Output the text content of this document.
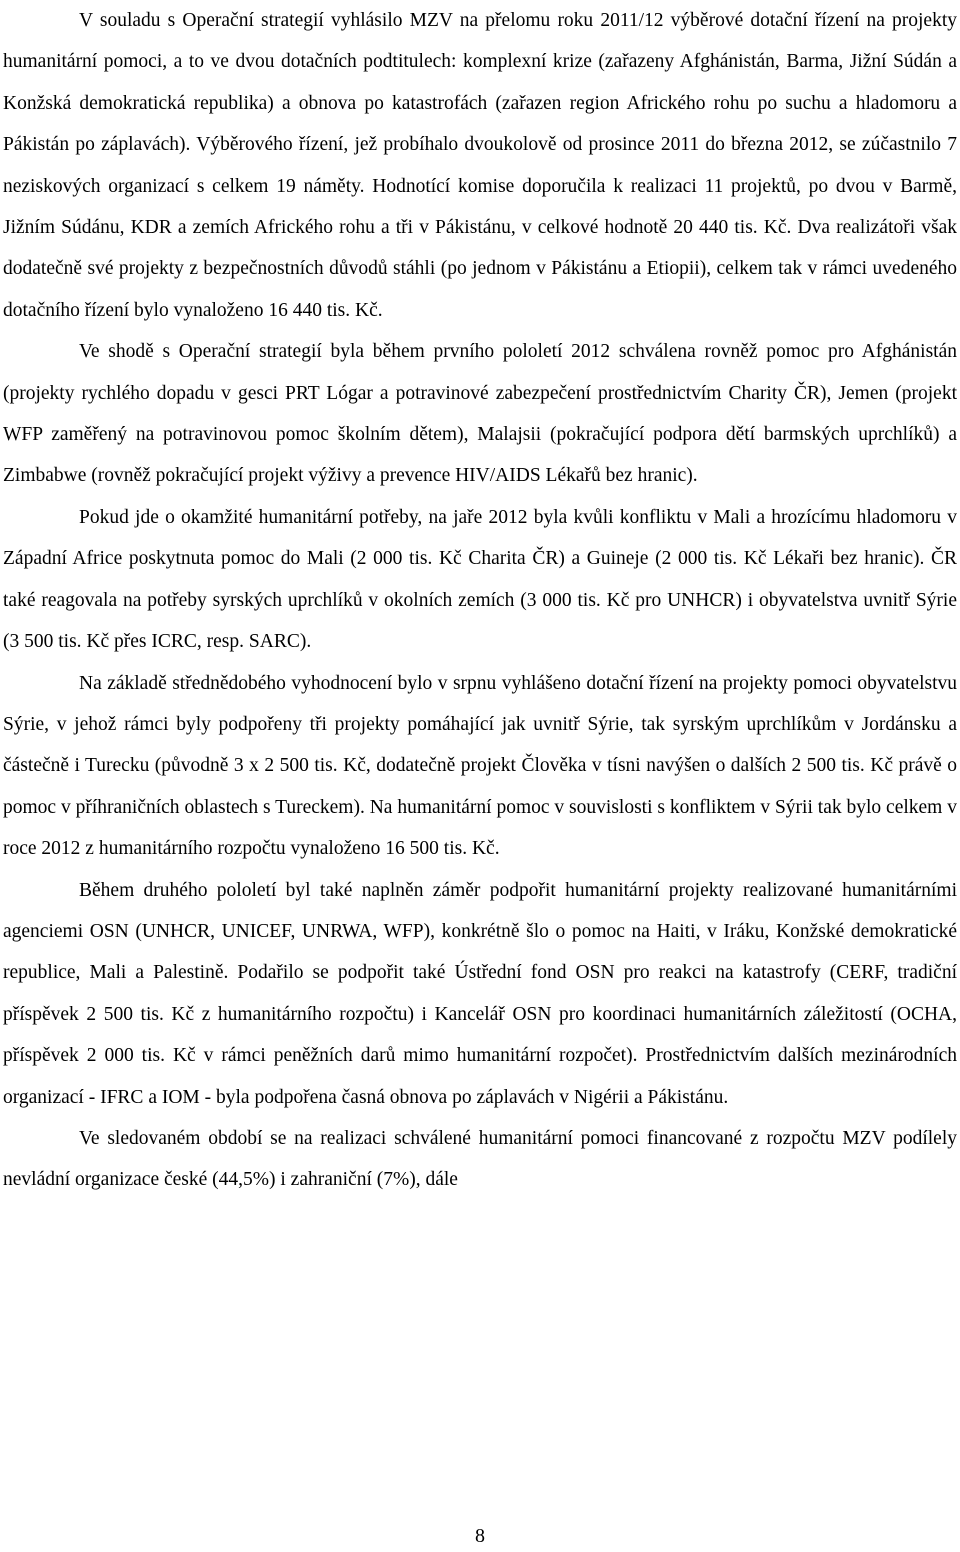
V souladu s Operační strategií vyhlásilo MZV na přelomu roku 2011/12 výběrové dotační řízení na projekty humanitární pomoci, a to ve dvou dotačních podtitulech: komplexní krize (zařazeny Afghánistán, Barma, Jižní Súdán a Konžská demokratická republika) a obnova po katastrofách (zařazen region Afrického rohu po suchu a hladomoru a Pákistán po záplavách). Výběrového řízení, jež probíhalo dvoukolově od prosince 2011 do března 2012, se zúčastnilo 7 neziskových organizací s celkem 19 náměty. Hodnotící komise doporučila k realizaci 11 projektů, po dvou v Barmě, Jižním Súdánu, KDR a zemích Afrického rohu a tři v Pákistánu, v celkové hodnotě 20 440 tis. Kč. Dva realizátoři však dodatečně své projekty z bezpečnostních důvodů stáhli (po jednom v Pákistánu a Etiopii), celkem tak v rámci uvedeného dotačního řízení bylo vynaloženo 16 440 tis. Kč.

Ve shodě s Operační strategií byla během prvního pololetí 2012 schválena rovněž pomoc pro Afghánistán (projekty rychlého dopadu v gesci PRT Lógar a potravinové zabezpečení prostřednictvím Charity ČR), Jemen (projekt WFP zaměřený na potravinovou pomoc školním dětem), Malajsii (pokračující podpora dětí barmských uprchlíků) a Zimbabwe (rovněž pokračující projekt výživy a prevence HIV/AIDS Lékařů bez hranic).

Pokud jde o okamžité humanitární potřeby, na jaře 2012 byla kvůli konfliktu v Mali a hrozícímu hladomoru v Západní Africe poskytnuta pomoc do Mali (2 000 tis. Kč Charita ČR) a Guineje (2 000 tis. Kč Lékaři bez hranic). ČR také reagovala na potřeby syrských uprchlíků v okolních zemích (3 000 tis. Kč pro UNHCR) i obyvatelstva uvnitř Sýrie (3 500 tis. Kč přes ICRC, resp. SARC).

Na základě střednědobého vyhodnocení bylo v srpnu vyhlášeno dotační řízení na projekty pomoci obyvatelstvu Sýrie, v jehož rámci byly podpořeny tři projekty pomáhající jak uvnitř Sýrie, tak syrským uprchlíkům v Jordánsku a částečně i Turecku (původně 3 x 2 500 tis. Kč, dodatečně projekt Člověka v tísni navýšen o dalších 2 500 tis. Kč právě o pomoc v příhraničních oblastech s Tureckem). Na humanitární pomoc v souvislosti s konfliktem v Sýrii tak bylo celkem v roce 2012 z humanitárního rozpočtu vynaloženo 16 500 tis. Kč.

Během druhého pololetí byl také naplněn záměr podpořit humanitární projekty realizované humanitárními agenciemi OSN (UNHCR, UNICEF, UNRWA, WFP), konkrétně šlo o pomoc na Haiti, v Iráku, Konžské demokratické republice, Mali a Palestině. Podařilo se podpořit také Ústřední fond OSN pro reakci na katastrofy (CERF, tradiční příspěvek 2 500 tis. Kč z humanitárního rozpočtu) i Kancelář OSN pro koordinaci humanitárních záležitostí (OCHA, příspěvek 2 000 tis. Kč v rámci peněžních darů mimo humanitární rozpočet). Prostřednictvím dalších mezinárodních organizací - IFRC a IOM - byla podpořena časná obnova po záplavách v Nigérii a Pákistánu.

Ve sledovaném období se na realizaci schválené humanitární pomoci financované z rozpočtu MZV podílely nevládní organizace české (44,5%) i zahraniční (7%), dále

8
